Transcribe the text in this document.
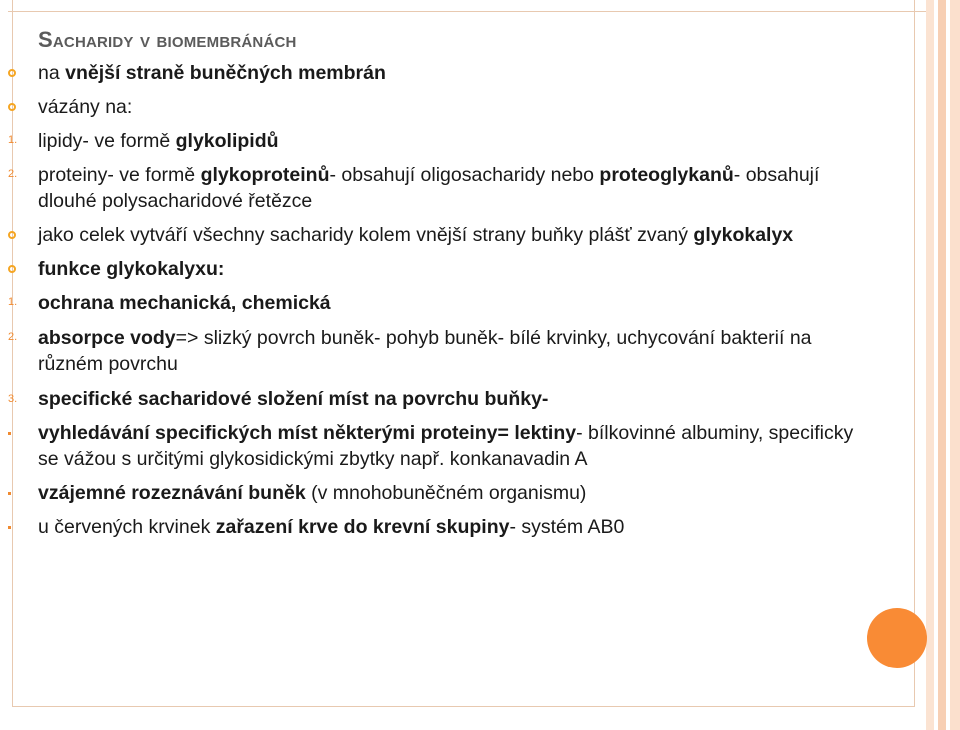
Sacharidy v biomembránách
na vnější straně buněčných membrán
vázány na:
1. lipidy- ve formě glykolipidů
2. proteiny- ve formě glykoproteinů- obsahují oligosacharidy nebo proteoglykanů- obsahují
dlouhé polysacharidové řetězce
jako celek vytváří všechny sacharidy kolem vnější strany buňky plášť zvaný glykokalyx
funkce glykokalyxu:
1. ochrana mechanická, chemická
2. absorpce vody=> slizký povrch buněk- pohyb buněk- bílé krvinky, uchycování bakterií na
různém povrchu
3. specifické sacharidové složení míst na povrchu buňky-
vyhledávání specifických míst některými proteiny= lektiny- bílkovinné albuminy, specificky
se vážou s určitými glykosidickými zbytky např. konkanavadin A
vzájemné rozeznávání buněk (v mnohobuněčném organismu)
u červených krvinek zařazení krve do krevní skupiny- systém AB0
